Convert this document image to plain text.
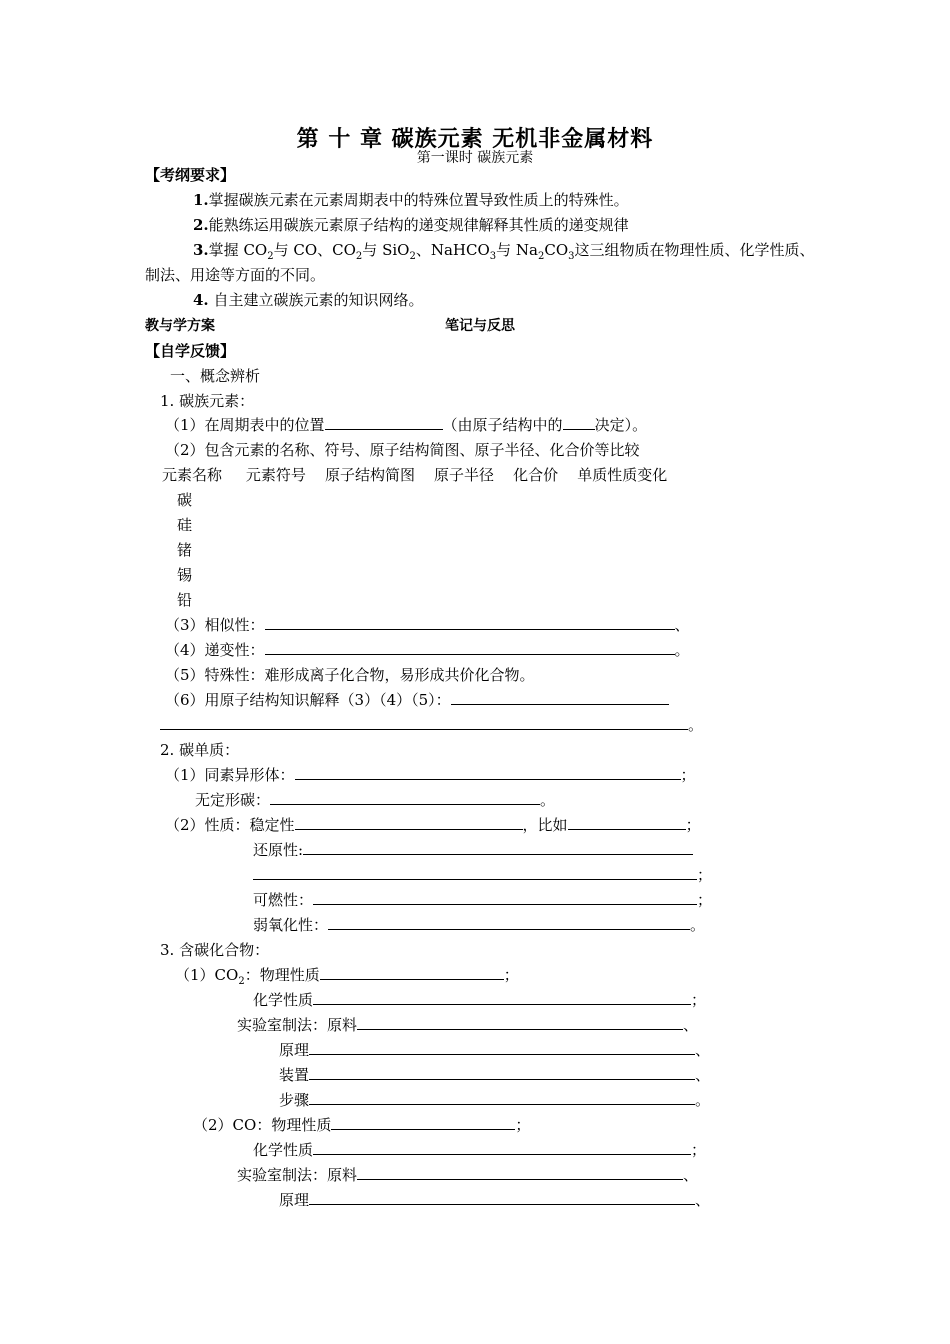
第 十 章 碳族元素 无机非金属材料
第一课时 碳族元素
【考纲要求】
1.掌握碳族元素在元素周期表中的特殊位置导致性质上的特殊性。
2.能熟练运用碳族元素原子结构的递变规律解释其性质的递变规律
3.掌握 $CO_2$与 CO、$CO_2$与 SiO$_2$、NaHCO$_3$与 $Na_2CO_3$这三组物质在物理性质、化学性质、
制法、用途等方面的不同。
4. 自主建立碳族元素的知识网络。
教与学方案	笔记与反思
【自学反馈】
一、概念辨析
1. 碳族元素：
（1）在周期表中的位置	（由原子结构中的 决定）。
（2）包含元素的名称、符号、原子结构简图、原子半径、化合价等比较
元素名称 元素符号 原子结构简图 原子半径 化合价 单质性质变化
碳
硅
锗
锡
铅
（3）相似性：	、
（4）递变性：	。
（5）特殊性：难形成离子化合物，易形成共价化合物。
（6）用原子结构知识解释（3）（4）（5）：
。
2. 碳单质：
（1）同素异形体：	；
无定形碳：	。
（2）性质：稳定性	，比如	；
还原性:
；
可燃性：	；
弱氧化性：	。
3. 含碳化合物：
$(1)CO_2$：物理性质	；
化学性质	；
实验室制法：原料	、
原理	、
装置	、
步骤	。
（2）CO：物理性质	；
化学性质	；
实验室制法：原料	、
原理	、
